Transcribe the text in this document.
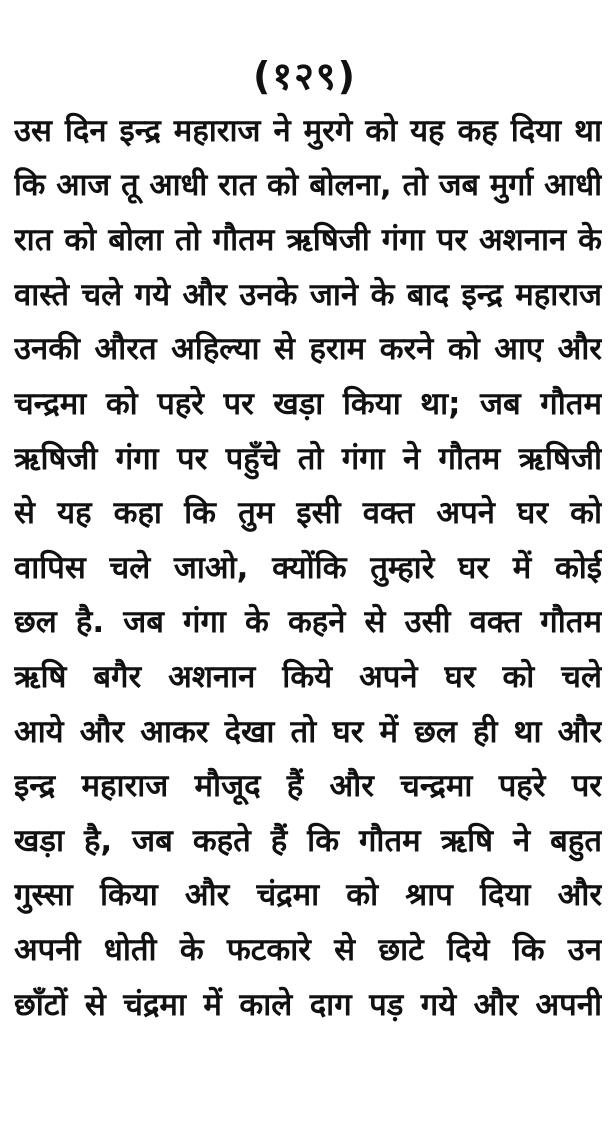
(१२९)
उस दिन इन्द्र महाराज ने मुरगे को यह कह दिया था
कि आज तू आधी रात को बोलना, तो जब मुर्गा आधी
रात को बोला तो गौतम ऋषिजी गंगा पर अशनान के
वास्ते चले गये और उनके जाने के बाद इन्द्र महाराज
उनकी औरत अहिल्या से हराम करने को आए और
चन्द्रमा को पहरे पर खड़ा किया था; जब गौतम
ऋषिजी गंगा पर पहुँचे तो गंगा ने गौतम ऋषिजी
से यह कहा कि तुम इसी वक्त अपने घर को
वापिस चले जाओ, क्योंकि तुम्हारे घर में कोई
छल है. जब गंगा के कहने से उसी वक्त गौतम
ऋषि बगैर अशनान किये अपने घर को चले
आये और आकर देखा तो घर में छल ही था और
इन्द्र महाराज मौजूद हैं और चन्द्रमा पहरे पर
खड़ा है, जब कहते हैं कि गौतम ऋषि ने बहुत
गुस्सा किया और चंद्रमा को श्राप दिया और
अपनी धोती के फटकारे से छाटे दिये कि उन
छाँटों से चंद्रमा में काले दाग पड़ गये और अपनी
